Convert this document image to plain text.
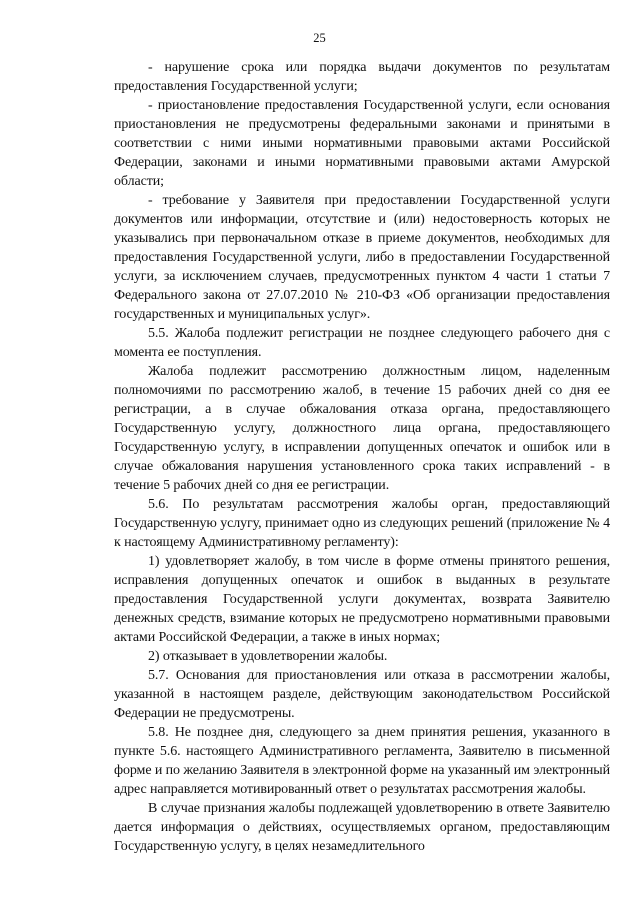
25

- нарушение срока или порядка выдачи документов по результатам предоставления Государственной услуги;

- приостановление предоставления Государственной услуги, если основания приостановления не предусмотрены федеральными законами и принятыми в соответствии с ними иными нормативными правовыми актами Российской Федерации, законами и иными нормативными правовыми актами Амурской области;

- требование у Заявителя при предоставлении Государственной услуги документов или информации, отсутствие и (или) недостоверность которых не указывались при первоначальном отказе в приеме документов, необходимых для предоставления Государственной услуги, либо в предоставлении Государственной услуги, за исключением случаев, предусмотренных пунктом 4 части 1 статьи 7 Федерального закона от 27.07.2010 № 210-ФЗ «Об организации предоставления государственных и муниципальных услуг».

5.5. Жалоба подлежит регистрации не позднее следующего рабочего дня с момента ее поступления.

Жалоба подлежит рассмотрению должностным лицом, наделенным полномочиями по рассмотрению жалоб, в течение 15 рабочих дней со дня ее регистрации, а в случае обжалования отказа органа, предоставляющего Государственную услугу, должностного лица органа, предоставляющего Государственную услугу, в исправлении допущенных опечаток и ошибок или в случае обжалования нарушения установленного срока таких исправлений - в течение 5 рабочих дней со дня ее регистрации.

5.6. По результатам рассмотрения жалобы орган, предоставляющий Государственную услугу, принимает одно из следующих решений (приложение № 4 к настоящему Административному регламенту):

1) удовлетворяет жалобу, в том числе в форме отмены принятого решения, исправления допущенных опечаток и ошибок в выданных в результате предоставления Государственной услуги документах, возврата Заявителю денежных средств, взимание которых не предусмотрено нормативными правовыми актами Российской Федерации, а также в иных нормах;

2) отказывает в удовлетворении жалобы.

5.7. Основания для приостановления или отказа в рассмотрении жалобы, указанной в настоящем разделе, действующим законодательством Российской Федерации не предусмотрены.

5.8. Не позднее дня, следующего за днем принятия решения, указанного в пункте 5.6. настоящего Административного регламента, Заявителю в письменной форме и по желанию Заявителя в электронной форме на указанный им электронный адрес направляется мотивированный ответ о результатах рассмотрения жалобы.

В случае признания жалобы подлежащей удовлетворению в ответе Заявителю дается информация о действиях, осуществляемых органом, предоставляющим Государственную услугу, в целях незамедлительного
